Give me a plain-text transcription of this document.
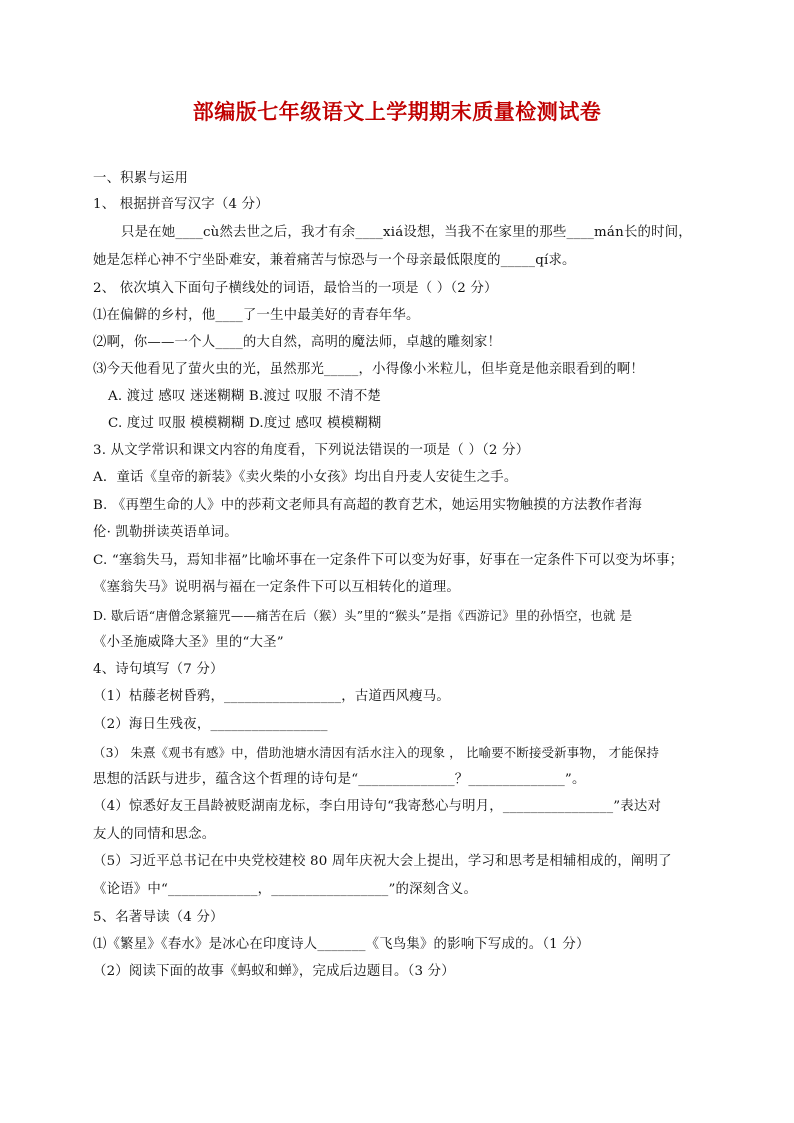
部编版七年级语文上学期期末质量检测试卷
一、积累与运用
1、 根据拼音写汉字（4 分）
只是在她____cù然去世之后，我才有余____xiá设想，当我不在家里的那些____mán长的时间，
她是怎样心神不宁坐卧难安，兼着痛苦与惊恐与一个母亲最低限度的_____qí求。
2、 依次填入下面句子横线处的词语，最恰当的一项是（ ）（2 分）
⑴在偏僻的乡村，他____了一生中最美好的青春年华。
⑵啊，你——一个人____的大自然，高明的魔法师，卓越的雕刻家！
⑶今天他看见了萤火虫的光，虽然那光_____，小得像小米粒儿，但毕竟是他亲眼看到的啊！
A. 渡过 感叹 迷迷糊糊 B.渡过 叹服 不清不楚
C. 度过 叹服 模模糊糊 D.度过 感叹 模模糊糊
3. 从文学常识和课文内容的角度看，下列说法错误的一项是（ ）（2 分）
A．童话《皇帝的新装》《卖火柴的小女孩》均出自丹麦人安徒生之手。
B. 《再塑生命的人》中的莎莉文老师具有高超的教育艺术，她运用实物触摸的方法教作者海
伦· 凯勒拼读英语单词。
C. “塞翁失马，焉知非福”比喻坏事在一定条件下可以变为好事，好事在一定条件下可以变为坏事；
《塞翁失马》说明祸与福在一定条件下可以互相转化的道理。
D. 歇后语“唐僧念紧箍咒——痛苦在后（猴）头”里的“猴头”是指《西游记》里的孙悟空，也就 是
《小圣施威降大圣》里的“大圣”
4、诗句填写（7 分）
（1）枯藤老树昏鸦，_________________，古道西风瘦马。
（2）海日生残夜，_________________
（3） 朱熹《观书有感》中，借助池塘水清因有活水注入的现象 ， 比喻要不断接受新事物， 才能保持
思想的活跃与进步，蕴含这个哲理的诗句是“______________？______________”。
（4）惊悉好友王昌龄被贬湖南龙标，李白用诗句“我寄愁心与明月，________________”表达对
友人的同情和思念。
（5）习近平总书记在中央党校建校 80 周年庆祝大会上提出，学习和思考是相辅相成的，阐明了
《论语》中“_____________，_________________”的深刻含义。
5、名著导读（4 分）
⑴《繁星》《春水》是冰心在印度诗人_______《飞鸟集》的影响下写成的。（1 分）
（2）阅读下面的故事《蚂蚁和蝉》，完成后边题目。（3 分）
